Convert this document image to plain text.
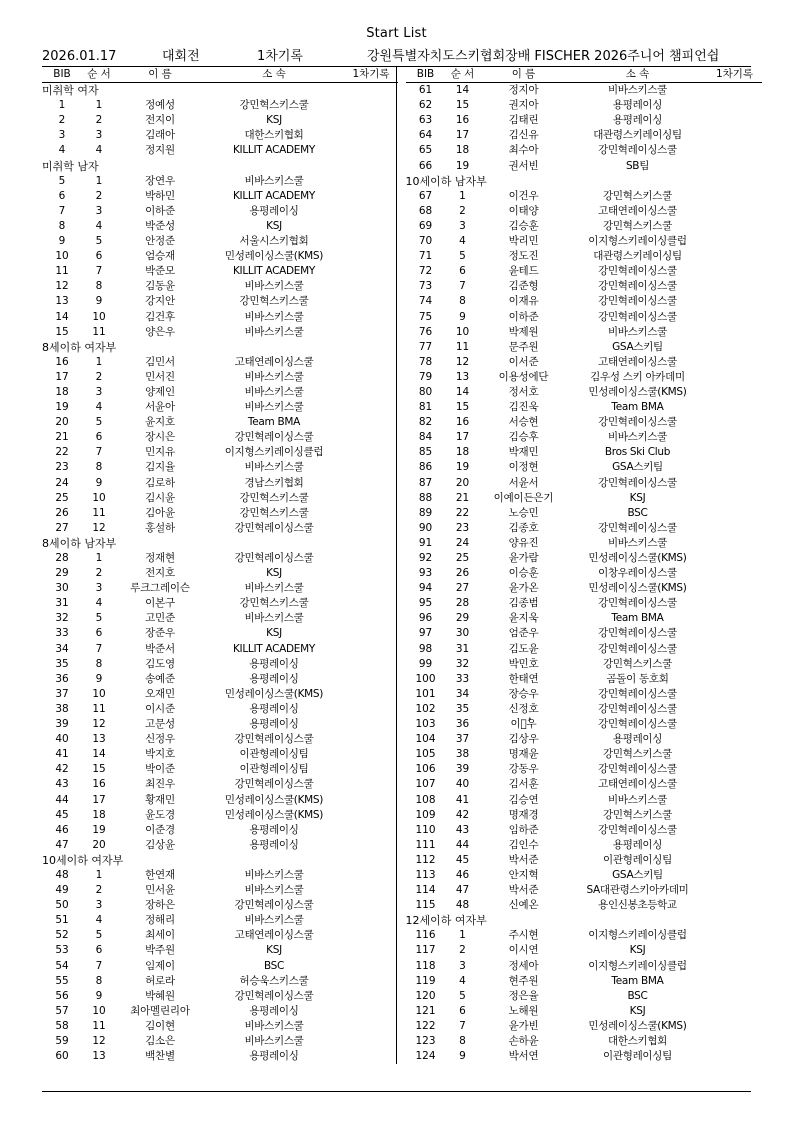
Start List
2026.01.17	대회전	1차기록	강원특별자치도스키협회장배 FISCHER 2026주니어 챔피언쉽
BIB	순 서	이 름	소 속	1차기록
미취학 여자				
1	1	정예성	강민혁스키스쿨	
2	2	전지이	KSJ	
3	3	김래아	대한스키협회	
4	4	정지원	KILLIT ACADEMY	
미취학 남자				
5	1	장연우	비바스키스쿨	
6	2	박하민	KILLIT ACADEMY	
7	3	이하준	용평레이싱	
8	4	박준성	KSJ	
9	5	안정준	서울시스키협회	
10	6	엄승재	민성레이싱스쿨(KMS)	
11	7	박준모	KILLIT ACADEMY	
12	8	김동윤	비바스키스쿨	
13	9	강지안	강민혁스키스쿨	
14	10	김건후	비바스키스쿨	
15	11	양은우	비바스키스쿨	
8세이하 여자부				
16	1	김민서	고태연레이싱스쿨	
17	2	민서진	비바스키스쿨	
18	3	양제인	비바스키스쿨	
19	4	서윤아	비바스키스쿨	
20	5	윤지호	Team BMA	
21	6	장시은	강민혁레이싱스쿨	
22	7	민지유	이지형스키레이싱클럽	
23	8	김지율	비바스키스쿨	
24	9	김로하	경남스키협회	
25	10	김시윤	강민혁스키스쿨	
26	11	김아윤	강민혁스키스쿨	
27	12	홍설하	강민혁레이싱스쿨	
8세이하 남자부				
28	1	정재현	강민혁레이싱스쿨	
29	2	전지호	KSJ	
30	3	루크그레이슨	비바스키스쿨	
31	4	이본구	강민혁스키스쿨	
32	5	고민준	비바스키스쿨	
33	6	장준우	KSJ	
34	7	박준서	KILLIT ACADEMY	
35	8	김도영	용평레이싱	
36	9	송예준	용평레이싱	
37	10	오재민	민성레이싱스쿨(KMS)	
38	11	이시준	용평레이싱	
39	12	고문성	용평레이싱	
40	13	신정우	강민혁레이싱스쿨	
41	14	박지호	이관형레이싱팀	
42	15	박이준	이관형레이싱팀	
43	16	최진우	강민혁레이싱스쿨	
44	17	황재민	민성레이싱스쿨(KMS)	
45	18	윤도경	민성레이싱스쿨(KMS)	
46	19	이준경	용평레이싱	
47	20	김상윤	용평레이싱	
10세이하 여자부				
48	1	한연재	비바스키스쿨	
49	2	민서윤	비바스키스쿨	
50	3	장하은	강민혁레이싱스쿨	
51	4	정해리	비바스키스쿨	
52	5	최세이	고태연레이싱스쿨	
53	6	박주원	KSJ	
54	7	임제이	BSC	
55	8	허로라	허승욱스키스쿨	
56	9	박혜원	강민혁레이싱스쿨	
57	10	최아멜린리아	용평레이싱	
58	11	김이현	비바스키스쿨	
59	12	김소은	비바스키스쿨	
60	13	백찬별	용평레이싱	
BIB	순 서	이 름	소 속	1차기록
61	14	정지아	비바스키스쿨	
62	15	권지아	용평레이싱	
63	16	김태린	용평레이싱	
64	17	김신유	대관령스키레이싱팀	
65	18	최수아	강민혁레이싱스쿨	
66	19	권서빈	SB팀	
10세이하 남자부				
67	1	이건우	강민혁스키스쿨	
68	2	이태양	고태연레이싱스쿨	
69	3	김승훈	강민혁스키스쿨	
70	4	박리민	이지형스키레이싱클럽	
71	5	정도진	대관령스키레이싱팀	
72	6	윤테드	강민혁레이싱스쿨	
73	7	김준형	강민혁레이싱스쿨	
74	8	이재유	강민혁레이싱스쿨	
75	9	이하준	강민혁레이싱스쿨	
76	10	박제원	비바스키스쿨	
77	11	문주원	GSA스키팀	
78	12	이서준	고태연레이싱스쿨	
79	13	이용성에단	김우성 스키 아카데미	
80	14	정서호	민성레이싱스쿨(KMS)	
81	15	김진욱	Team BMA	
82	16	서승현	강민혁레이싱스쿨	
84	17	김승후	비바스키스쿨	
85	18	박재민	Bros Ski Club	
86	19	이정현	GSA스키팀	
87	20	서윤서	강민혁레이싱스쿨	
88	21	이예이든은기	KSJ	
89	22	노승민	BSC	
90	23	김종호	강민혁레이싱스쿨	
91	24	양유진	비바스키스쿨	
92	25	윤가람	민성레이싱스쿨(KMS)	
93	26	이승훈	이창우레이싱스쿨	
94	27	윤가온	민성레이싱스쿨(KMS)	
95	28	김종범	강민혁레이싱스쿨	
96	29	윤지욱	Team BMA	
97	30	엄준우	강민혁레이싱스쿨	
98	31	김도윤	강민혁레이싱스쿨	
99	32	박민호	강민혁스키스쿨	
100	33	한태연	곰돌이 동호회	
101	34	장승우	강민혁레이싱스쿨	
102	35	신정호	강민혁레이싱스쿨	
103	36	이찬ُ우	강민혁레이싱스쿨	
104	37	김상우	용평레이싱	
105	38	명재윤	강민혁스키스쿨	
106	39	강동우	강민혁레이싱스쿨	
107	40	김서훈	고태연레이싱스쿨	
108	41	김승연	비바스키스쿨	
109	42	명재경	강민혁스키스쿨	
110	43	임하준	강민혁레이싱스쿨	
111	44	김인수	용평레이싱	
112	45	박서준	이관형레이싱팀	
113	46	안지혁	GSA스키팀	
114	47	박서준	SA대관령스키아카데미	
115	48	신예온	용인신봉초등학교	
12세이하 여자부				
116	1	주시현	이지형스키레이싱클럽	
117	2	이시연	KSJ	
118	3	정세아	이지형스키레이싱클럽	
119	4	현주원	Team BMA	
120	5	정은율	BSC	
121	6	노해원	KSJ	
122	7	윤가빈	민성레이싱스쿨(KMS)	
123	8	손하윤	대한스키협회	
124	9	박서연	이관형레이싱팀	
